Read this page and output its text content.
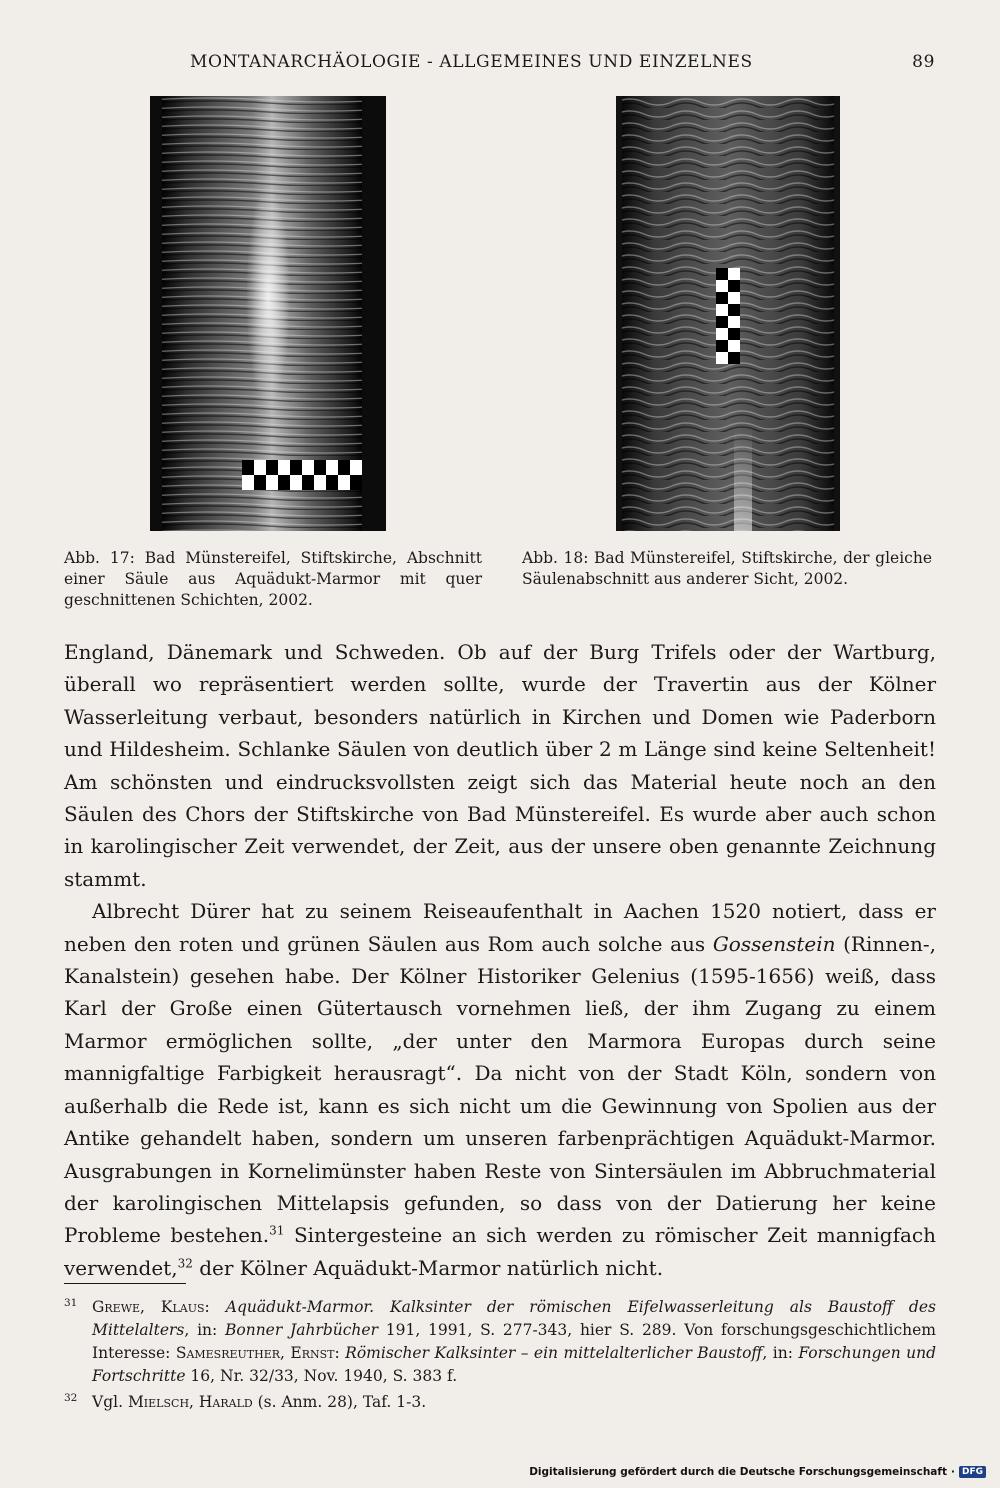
MONTANARCHÄOLOGIE - ALLGEMEINES UND EINZELNES	89
Abb. 17: Bad Münstereifel, Stiftskirche, Abschnitt einer Säule aus Aquädukt-Marmor mit quer geschnittenen Schichten, 2002.
Abb. 18: Bad Münstereifel, Stiftskirche, der gleiche Säulenabschnitt aus anderer Sicht, 2002.

England, Dänemark und Schweden. Ob auf der Burg Trifels oder der Wartburg, überall wo repräsentiert werden sollte, wurde der Travertin aus der Kölner Wasserleitung verbaut, besonders natürlich in Kirchen und Domen wie Paderborn und Hildesheim. Schlanke Säulen von deutlich über 2 m Länge sind keine Seltenheit! Am schönsten und eindrucksvollsten zeigt sich das Material heute noch an den Säulen des Chors der Stiftskirche von Bad Münstereifel. Es wurde aber auch schon in karolingischer Zeit verwendet, der Zeit, aus der unsere oben genannte Zeichnung stammt.

Albrecht Dürer hat zu seinem Reiseaufenthalt in Aachen 1520 notiert, dass er neben den roten und grünen Säulen aus Rom auch solche aus Gossenstein (Rinnen-, Kanalstein) gesehen habe. Der Kölner Historiker Gelenius (1595-1656) weiß, dass Karl der Große einen Gütertausch vornehmen ließ, der ihm Zugang zu einem Marmor ermöglichen sollte, „der unter den Marmora Europas durch seine mannigfaltige Farbigkeit herausragt“. Da nicht von der Stadt Köln, sondern von außerhalb die Rede ist, kann es sich nicht um die Gewinnung von Spolien aus der Antike gehandelt haben, sondern um unseren farbenprächtigen Aquädukt-Marmor. Ausgrabungen in Kornelimünster haben Reste von Sintersäulen im Abbruchmaterial der karolingischen Mittelapsis gefunden, so dass von der Datierung her keine Probleme bestehen.$^{31}$ Sintergesteine an sich werden zu römischer Zeit mannigfach verwendet,$^{32}$ der Kölner Aquädukt-Marmor natürlich nicht.

31 Grewe, Klaus: Aquädukt-Marmor. Kalksinter der römischen Eifelwasserleitung als Baustoff des Mittelalters, in: Bonner Jahrbücher 191, 1991, S. 277-343, hier S. 289. Von forschungsgeschichtlichem Interesse: Samesreuther, Ernst: Römischer Kalksinter – ein mittelalterlicher Baustoff, in: Forschungen und Fortschritte 16, Nr. 32/33, Nov. 1940, S. 383 f.

32 Vgl. Mielsch, Harald (s. Anm. 28), Taf. 1-3.

Digitalisierung gefördert durch die Deutsche Forschungsgemeinschaft · DFG
